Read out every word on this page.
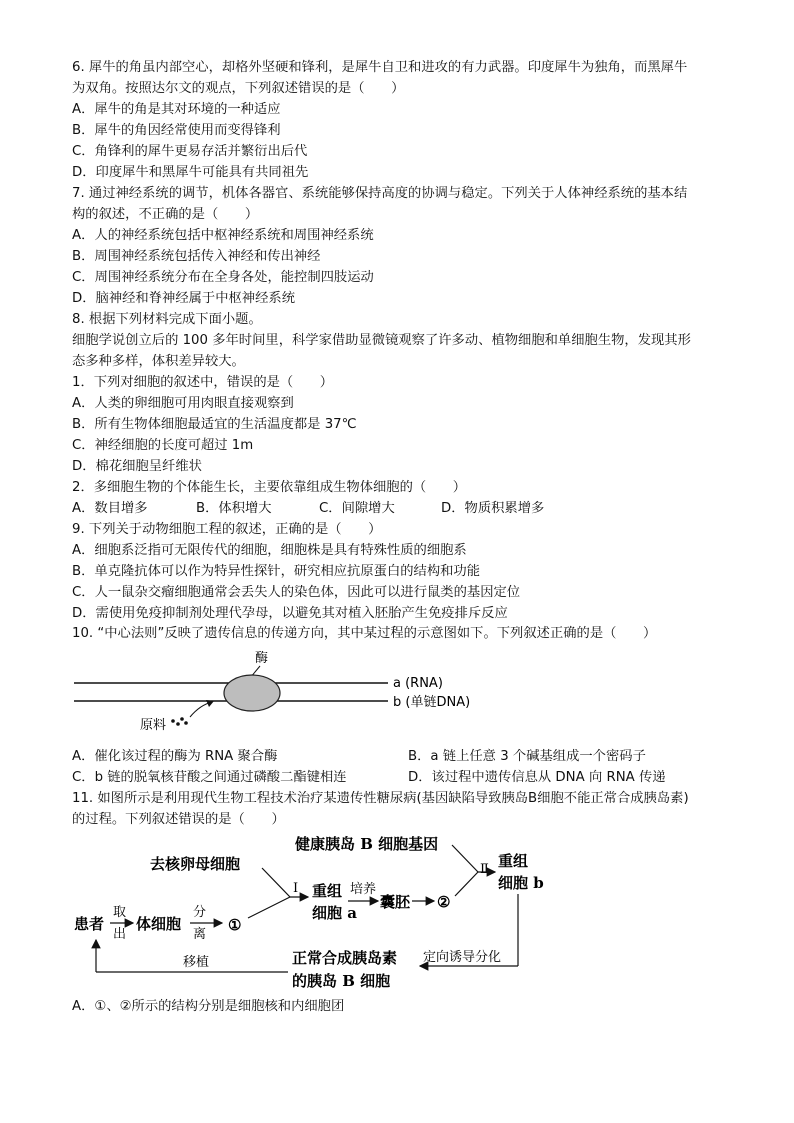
6. 犀牛的角虽内部空心，却格外坚硬和锋利，是犀牛自卫和进攻的有力武器。印度犀牛为独角，而黑犀牛
为双角。按照达尔文的观点，下列叙述错误的是（　　）
A．犀牛的角是其对环境的一种适应
B．犀牛的角因经常使用而变得锋利
C．角锋利的犀牛更易存活并繁衍出后代
D．印度犀牛和黑犀牛可能具有共同祖先
7. 通过神经系统的调节，机体各器官、系统能够保持高度的协调与稳定。下列关于人体神经系统的基本结
构的叙述，不正确的是（　　）
A．人的神经系统包括中枢神经系统和周围神经系统
B．周围神经系统包括传入神经和传出神经
C．周围神经系统分布在全身各处，能控制四肢运动
D．脑神经和脊神经属于中枢神经系统
8. 根据下列材料完成下面小题。
细胞学说创立后的 100 多年时间里，科学家借助显微镜观察了许多动、植物细胞和单细胞生物，发现其形
态多种多样，体积差异较大。
1．下列对细胞的叙述中，错误的是（　　）
A．人类的卵细胞可用肉眼直接观察到
B．所有生物体细胞最适宜的生活温度都是 37℃
C．神经细胞的长度可超过 1m
D．棉花细胞呈纤维状
2．多细胞生物的个体能生长，主要依靠组成生物体细胞的（　　）
A．数目增多	B．体积增大	C．间隙增大	D．物质积累增多
9. 下列关于动物细胞工程的叙述，正确的是（　　）
A．细胞系泛指可无限传代的细胞，细胞株是具有特殊性质的细胞系
B．单克隆抗体可以作为特异性探针，研究相应抗原蛋白的结构和功能
C．人一鼠杂交瘤细胞通常会丢失人的染色体，因此可以进行鼠类的基因定位
D．需使用免疫抑制剂处理代孕母，以避免其对植入胚胎产生免疫排斥反应
10. “中心法则”反映了遗传信息的传递方向，其中某过程的示意图如下。下列叙述正确的是（　　）
酶
a (RNA)
b (单链DNA)
原料
A．催化该过程的酶为 RNA 聚合酶	B．a 链上任意 3 个碱基组成一个密码子
C．b 链的脱氧核苷酸之间通过磷酸二酯键相连	D．该过程中遗传信息从 DNA 向 RNA 传递
11. 如图所示是利用现代生物工程技术治疗某遗传性糖尿病(基因缺陷导致胰岛B细胞不能正常合成胰岛素)
的过程。下列叙述错误的是（　　）
去核卵母细胞
健康胰岛 B 细胞基因
重组
细胞 b
Ⅱ
患者
取
出
体细胞
分
离
①
I 重组
细胞 a
培养
囊胚 ②
定向诱导分化
正常合成胰岛素
的胰岛 B 细胞
移植
A．①、②所示的结构分别是细胞核和内细胞团
